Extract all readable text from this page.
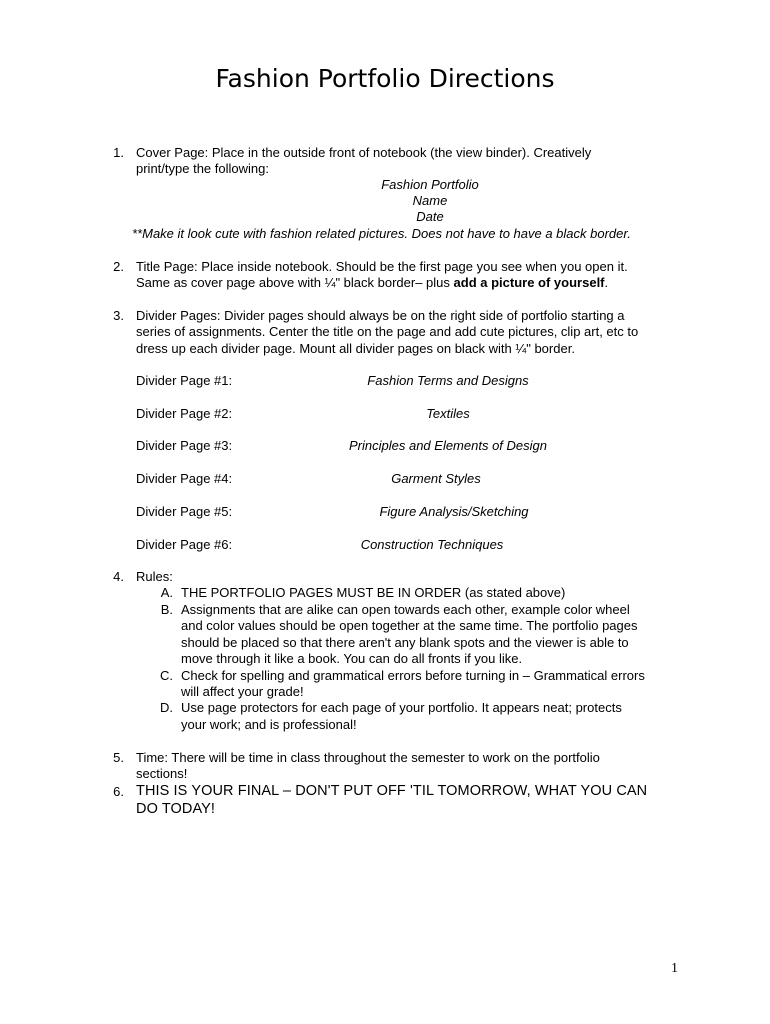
Fashion Portfolio Directions
1. Cover Page: Place in the outside front of notebook (the view binder). Creatively
print/type the following:
Fashion Portfolio
Name
Date
**Make it look cute with fashion related pictures. Does not have to have a black border.
2. Title Page: Place inside notebook. Should be the first page you see when you open it.
Same as cover page above with ¼" black border– plus add a picture of yourself.
3. Divider Pages: Divider pages should always be on the right side of portfolio starting a
series of assignments. Center the title on the page and add cute pictures, clip art, etc to
dress up each divider page. Mount all divider pages on black with ¼" border.
Divider Page #1:	Fashion Terms and Designs
Divider Page #2:	Textiles
Divider Page #3:	Principles and Elements of Design
Divider Page #4:	Garment Styles
Divider Page #5:	Figure Analysis/Sketching
Divider Page #6:	Construction Techniques
4. Rules:
A. THE PORTFOLIO PAGES MUST BE IN ORDER (as stated above)
B. Assignments that are alike can open towards each other, example color wheel
and color values should be open together at the same time. The portfolio pages
should be placed so that there aren't any blank spots and the viewer is able to
move through it like a book. You can do all fronts if you like.
C. Check for spelling and grammatical errors before turning in – Grammatical errors
will affect your grade!
D. Use page protectors for each page of your portfolio. It appears neat; protects
your work; and is professional!
5. Time: There will be time in class throughout the semester to work on the portfolio
sections!
6. THIS IS YOUR FINAL – DON'T PUT OFF 'TIL TOMORROW, WHAT YOU CAN
DO TODAY!
1
